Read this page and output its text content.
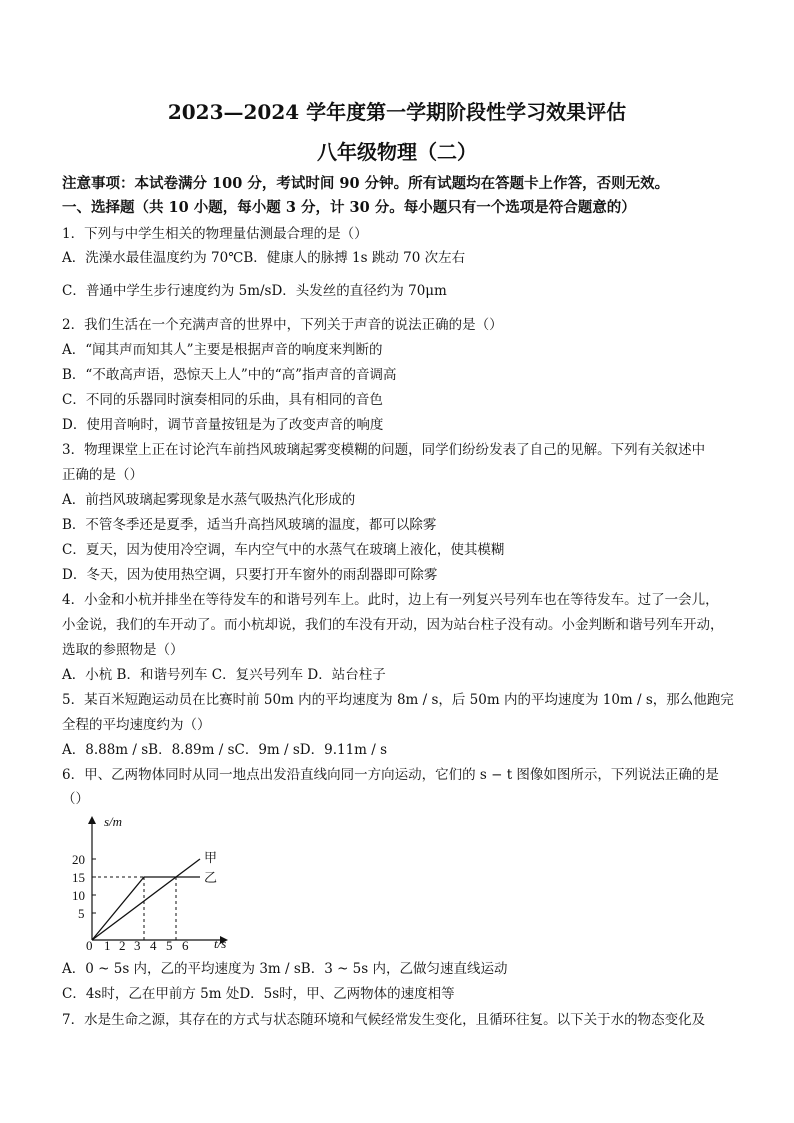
2023—2024 学年度第一学期阶段性学习效果评估
八年级物理（二）
注意事项：本试卷满分 100 分，考试时间 90 分钟。所有试题均在答题卡上作答，否则无效。
一、选择题（共 10 小题，每小题 3 分，计 30 分。每小题只有一个选项是符合题意的）
1．下列与中学生相关的物理量估测最合理的是（）
A．洗澡水最佳温度约为 70℃B．健康人的脉搏 1s 跳动 70 次左右
C．普通中学生步行速度约为 5m/sD．头发丝的直径约为 70μm
2．我们生活在一个充满声音的世界中，下列关于声音的说法正确的是（）
A．“闻其声而知其人”主要是根据声音的响度来判断的
B．“不敢高声语，恐惊天上人”中的“高”指声音的音调高
C．不同的乐器同时演奏相同的乐曲，具有相同的音色
D．使用音响时，调节音量按钮是为了改变声音的响度
3．物理课堂上正在讨论汽车前挡风玻璃起雾变模糊的问题，同学们纷纷发表了自己的见解。下列有关叙述中
正确的是（）
A．前挡风玻璃起雾现象是水蒸气吸热汽化形成的
B．不管冬季还是夏季，适当升高挡风玻璃的温度，都可以除雾
C．夏天，因为使用冷空调，车内空气中的水蒸气在玻璃上液化，使其模糊
D．冬天，因为使用热空调，只要打开车窗外的雨刮器即可除雾
4．小金和小杭并排坐在等待发车的和谐号列车上。此时，边上有一列复兴号列车也在等待发车。过了一会儿，
小金说，我们的车开动了。而小杭却说，我们的车没有开动，因为站台柱子没有动。小金判断和谐号列车开动，
选取的参照物是（）
A．小杭 B．和谐号列车 C．复兴号列车 D．站台柱子
5．某百米短跑运动员在比赛时前 50m 内的平均速度为 8m / s，后 50m 内的平均速度为 10m / s，那么他跑完
全程的平均速度约为（）
A．8.88m / sB．8.89m / sC．9m / sD．9.11m / s
6．甲、乙两物体同时从同一地点出发沿直线向同一方向运动，它们的 s − t 图像如图所示，下列说法正确的是
（）
s/m
t/s
20
15
10
5
0 1 2 3 4 5 6
甲
乙
A．0 ~ 5s 内，乙的平均速度为 3m / sB．3 ~ 5s 内，乙做匀速直线运动
C．4s时，乙在甲前方 5m 处D．5s时，甲、乙两物体的速度相等
7．水是生命之源，其存在的方式与状态随环境和气候经常发生变化，且循环往复。以下关于水的物态变化及
